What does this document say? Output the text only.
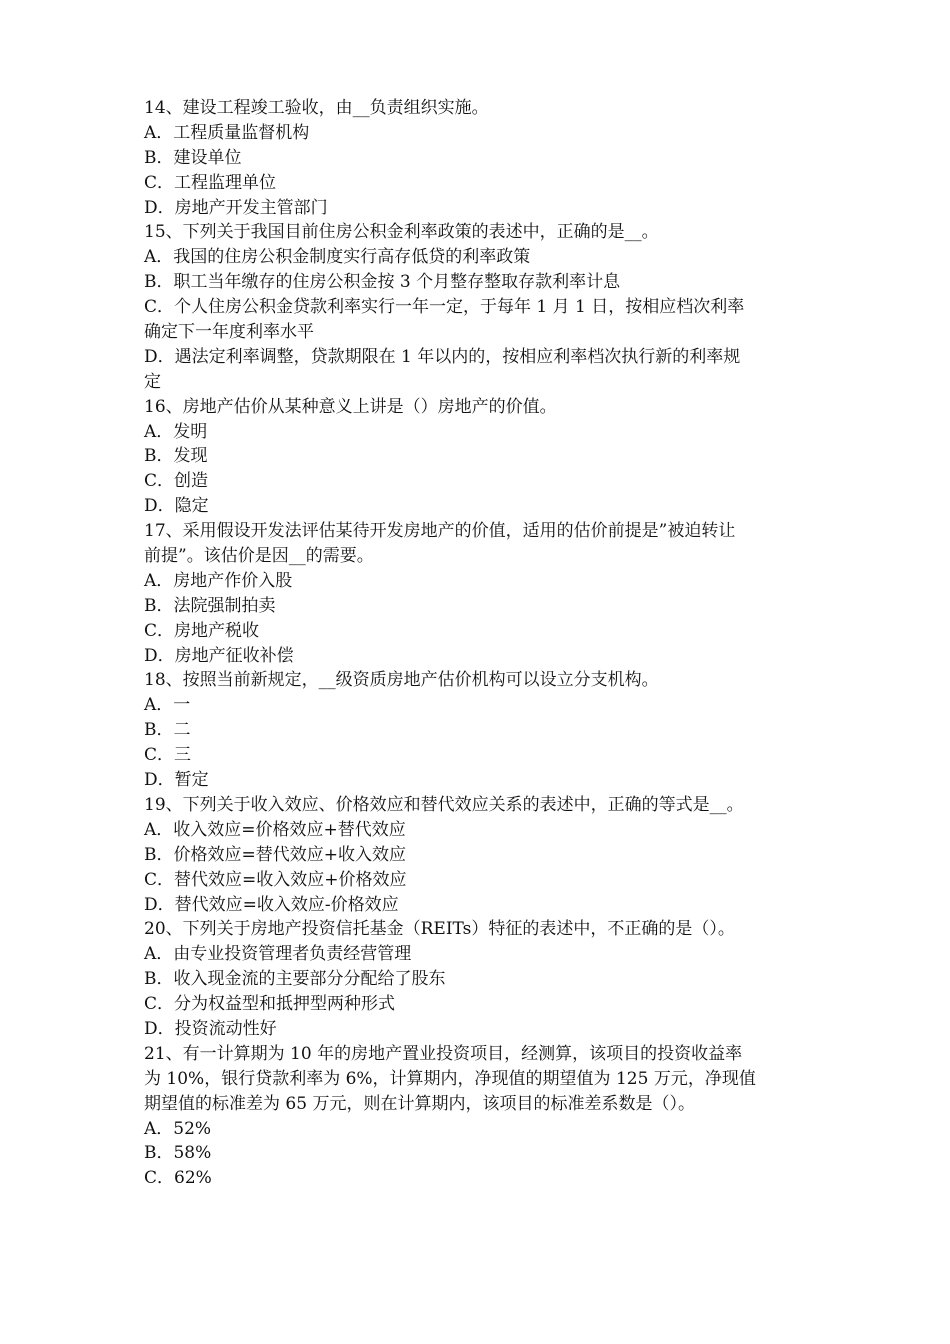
14、建设工程竣工验收，由__负责组织实施。
A．工程质量监督机构
B．建设单位
C．工程监理单位
D．房地产开发主管部门
15、下列关于我国目前住房公积金利率政策的表述中，正确的是__。
A．我国的住房公积金制度实行高存低贷的利率政策
B．职工当年缴存的住房公积金按 3 个月整存整取存款利率计息
C．个人住房公积金贷款利率实行一年一定，于每年 1 月 1 日，按相应档次利率
确定下一年度利率水平
D．遇法定利率调整，贷款期限在 1 年以内的，按相应利率档次执行新的利率规
定
16、房地产估价从某种意义上讲是（）房地产的价值。
A．发明
B．发现
C．创造
D．隐定
17、采用假设开发法评估某待开发房地产的价值，适用的估价前提是”被迫转让
前提”。该估价是因__的需要。
A．房地产作价入股
B．法院强制拍卖
C．房地产税收
D．房地产征收补偿
18、按照当前新规定，__级资质房地产估价机构可以设立分支机构。
A．一
B．二
C．三
D．暂定
19、下列关于收入效应、价格效应和替代效应关系的表述中，正确的等式是__。
A．收入效应=价格效应+替代效应
B．价格效应=替代效应+收入效应
C．替代效应=收入效应+价格效应
D．替代效应=收入效应-价格效应
20、下列关于房地产投资信托基金（REITs）特征的表述中，不正确的是（）。
A．由专业投资管理者负责经营管理
B．收入现金流的主要部分分配给了股东
C．分为权益型和抵押型两种形式
D．投资流动性好
21、有一计算期为 10 年的房地产置业投资项目，经测算，该项目的投资收益率
为 10%，银行贷款利率为 6%，计算期内，净现值的期望值为 125 万元，净现值
期望值的标准差为 65 万元，则在计算期内，该项目的标准差系数是（）。
A．52%
B．58%
C．62%
